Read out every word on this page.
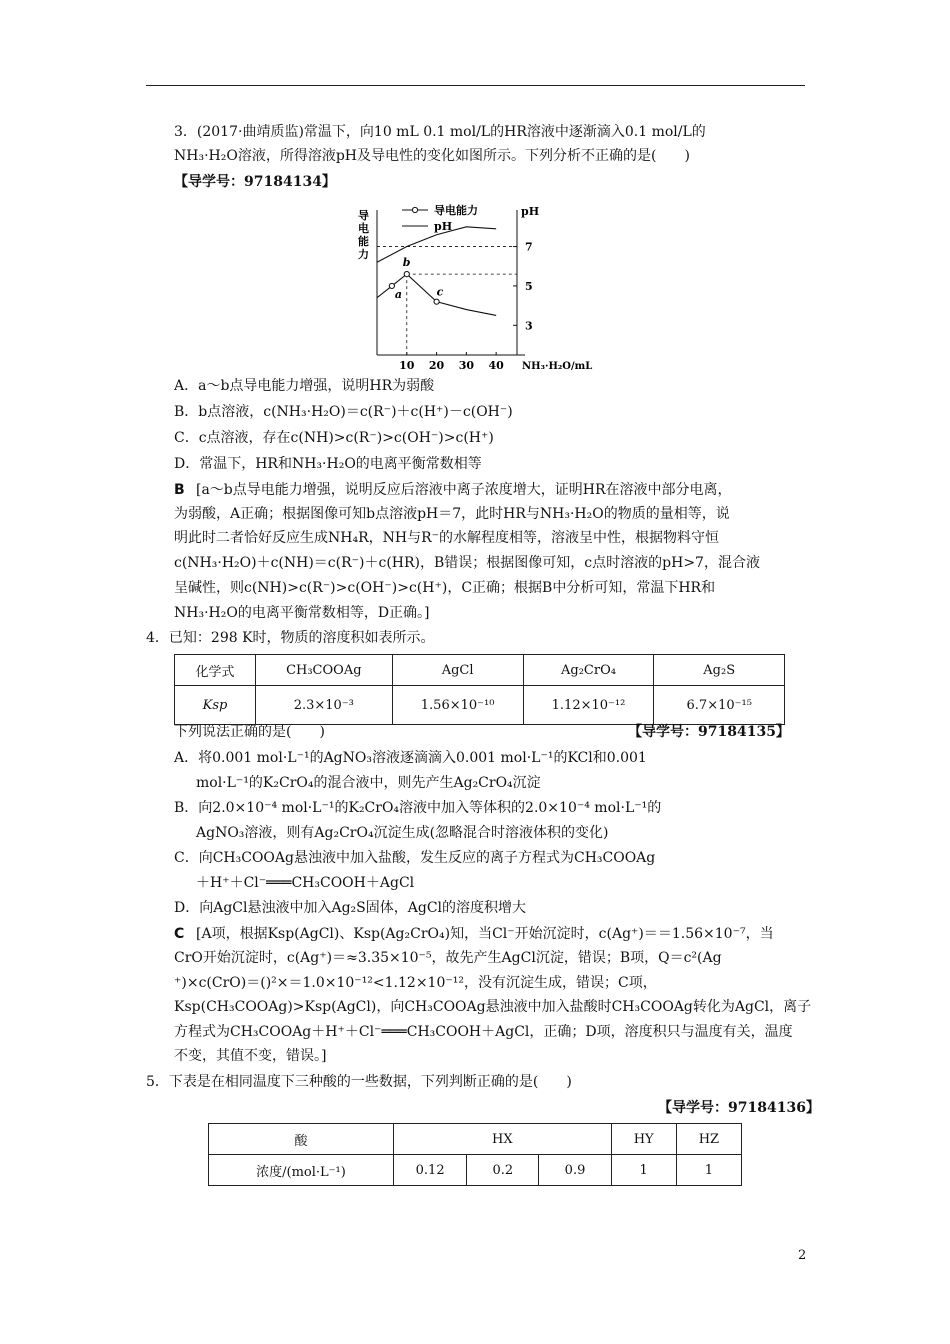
3．(2017·曲靖质监)常温下，向10 mL 0.1 mol/L的HR溶液中逐渐滴入0.1 mol/L的
NH₃·H₂O溶液，所得溶液pH及导电性的变化如图所示。下列分析不正确的是(　　)
【导学号：97184134】
导
电
能
力
pH
7
5
3
10 20 30 40 NH₃·H₂O/mL
a
b
c
导电能力
pH
A．a～b点导电能力增强，说明HR为弱酸
B．b点溶液，c(NH₃·H₂O)＝c(R⁻)＋c(H⁺)－c(OH⁻)
C．c点溶液，存在c(NH)>c(R⁻)>c(OH⁻)>c(H⁺)
D．常温下，HR和NH₃·H₂O的电离平衡常数相等
B [a～b点导电能力增强，说明反应后溶液中离子浓度增大，证明HR在溶液中部分电离，
为弱酸，A正确；根据图像可知b点溶液pH＝7，此时HR与NH₃·H₂O的物质的量相等，说
明此时二者恰好反应生成NH₄R，NH与R⁻的水解程度相等，溶液呈中性，根据物料守恒
c(NH₃·H₂O)＋c(NH)＝c(R⁻)＋c(HR)，B错误；根据图像可知，c点时溶液的pH>7，混合液
呈碱性，则c(NH)>c(R⁻)>c(OH⁻)>c(H⁺)，C正确；根据B中分析可知，常温下HR和
NH₃·H₂O的电离平衡常数相等，D正确。]
4．已知：298 K时，物质的溶度积如表所示。
化学式	CH₃COOAg	AgCl	Ag₂CrO₄	Ag₂S
Ksp	2.3×10⁻³	1.56×10⁻¹⁰	1.12×10⁻¹²	6.7×10⁻¹⁵
下列说法正确的是(　　)	【导学号：97184135】
A．将0.001 mol·L⁻¹的AgNO₃溶液逐滴滴入0.001 mol·L⁻¹的KCl和0.001
mol·L⁻¹的K₂CrO₄的混合液中，则先产生Ag₂CrO₄沉淀
B．向2.0×10⁻⁴ mol·L⁻¹的K₂CrO₄溶液中加入等体积的2.0×10⁻⁴ mol·L⁻¹的
AgNO₃溶液，则有Ag₂CrO₄沉淀生成(忽略混合时溶液体积的变化)
C．向CH₃COOAg悬浊液中加入盐酸，发生反应的离子方程式为CH₃COOAg
＋H⁺＋Cl⁻═══CH₃COOH＋AgCl
D．向AgCl悬浊液中加入Ag₂S固体，AgCl的溶度积增大
C [A项，根据Ksp(AgCl)、Ksp(Ag₂CrO₄)知，当Cl⁻开始沉淀时，c(Ag⁺)＝＝1.56×10⁻⁷，当
CrO开始沉淀时，c(Ag⁺)＝≈3.35×10⁻⁵，故先产生AgCl沉淀，错误；B项，Q＝c²(Ag
⁺)×c(CrO)＝()²×＝1.0×10⁻¹²<1.12×10⁻¹²，没有沉淀生成，错误；C项，
Ksp(CH₃COOAg)>Ksp(AgCl)，向CH₃COOAg悬浊液中加入盐酸时CH₃COOAg转化为AgCl，离子
方程式为CH₃COOAg＋H⁺＋Cl⁻═══CH₃COOH＋AgCl，正确；D项，溶度积只与温度有关，温度
不变，其值不变，错误。]
5．下表是在相同温度下三种酸的一些数据，下列判断正确的是(　　)
【导学号：97184136】
酸	HX			HY	HZ
浓度/(mol·L⁻¹)	0.12	0.2	0.9	1	1
2
